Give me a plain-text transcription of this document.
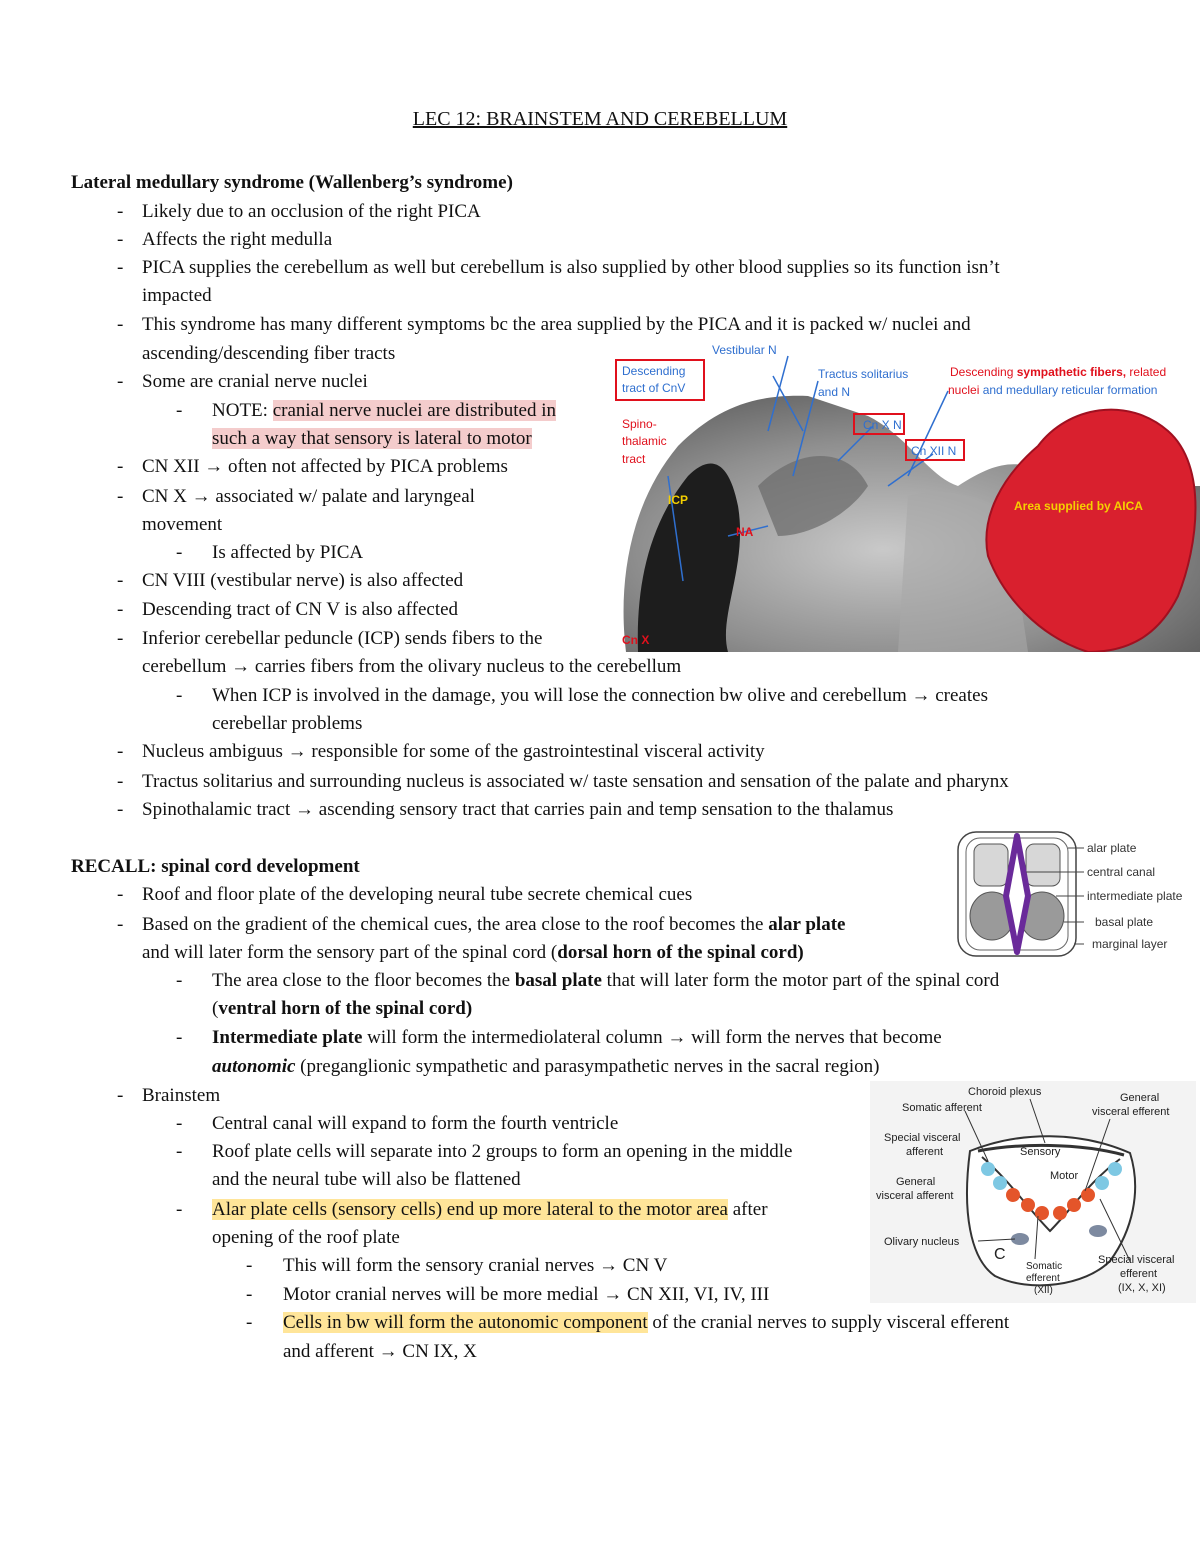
LEC 12: BRAINSTEM AND CEREBELLUM
Lateral medullary syndrome (Wallenberg’s syndrome)
- Likely due to an occlusion of the right PICA
- Affects the right medulla
- PICA supplies the cerebellum as well but cerebellum is also supplied by other blood supplies so its function isn’t
impacted
- This syndrome has many different symptoms bc the area supplied by the PICA and it is packed w/ nuclei and
ascending/descending fiber tracts
- Some are cranial nerve nuclei
- NOTE: cranial nerve nuclei are distributed in
such a way that sensory is lateral to motor
- CN XII → often not affected by PICA problems
- CN X → associated w/ palate and laryngeal
movement
- Is affected by PICA
- CN VIII (vestibular nerve) is also affected
- Descending tract of CN V is also affected
- Inferior cerebellar peduncle (ICP) sends fibers to the
cerebellum → carries fibers from the olivary nucleus to the cerebellum
- When ICP is involved in the damage, you will lose the connection bw olive and cerebellum → creates
cerebellar problems
- Nucleus ambiguus → responsible for some of the gastrointestinal visceral activity
- Tractus solitarius and surrounding nucleus is associated w/ taste sensation and sensation of the palate and pharynx
- Spinothalamic tract → ascending sensory tract that carries pain and temp sensation to the thalamus
RECALL: spinal cord development
- Roof and floor plate of the developing neural tube secrete chemical cues
- Based on the gradient of the chemical cues, the area close to the roof becomes the alar plate
and will later form the sensory part of the spinal cord (dorsal horn of the spinal cord)
- The area close to the floor becomes the basal plate that will later form the motor part of the spinal cord
(ventral horn of the spinal cord)
- Intermediate plate will form the intermediolateral column → will form the nerves that become
autonomic (preganglionic sympathetic and parasympathetic nerves in the sacral region)
- Brainstem
- Central canal will expand to form the fourth ventricle
- Roof plate cells will separate into 2 groups to form an opening in the middle
and the neural tube will also be flattened
- Alar plate cells (sensory cells) end up more lateral to the motor area after
opening of the roof plate
- This will form the sensory cranial nerves → CN V
- Motor cranial nerves will be more medial → CN XII, VI, IV, III
- Cells in bw will form the autonomic component of the cranial nerves to supply visceral efferent
and afferent → CN IX, X
Vestibular N
Descending
tract of CnV
Tractus solitarius
and N
Descending sympathetic fibers, related
nuclei and medullary reticular formation
Spino-
thalamic
tract
Cn X N
Cn XII N
ICP
NA
Area supplied by AICA
Cn X
alar plate
central canal
intermediate plate
basal plate
marginal layer
Choroid plexus	General
visceral efferent
Somatic afferent
Special visceral
afferent	Sensory
Motor
General
visceral afferent
Olivary nucleus
C
Somatic
efferent
(XII)
Special visceral
efferent
(IX, X, XI)
